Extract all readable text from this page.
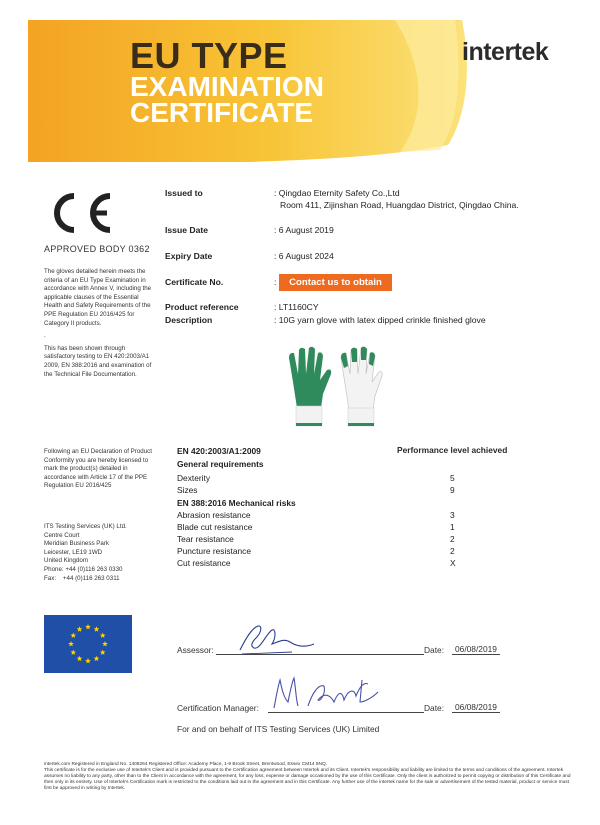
EU TYPE
EXAMINATION
CERTIFICATE
intertek
APPROVED BODY 0362

The gloves detailed herein meets the criteria of an EU Type Examination in accordance with Annex V, including the applicable clauses of the Essential Health and Safety Requirements of the PPE Regulation EU 2016/425 for Category II products.

.

This has been shown through satisfactory testing to EN 420:2003/A1 2009, EN 388:2016 and examination of the Technical File Documentation.

Following an EU Declaration of Product Conformity you are hereby licensed to mark the product(s) detailed in accordance with Article 17 of the PPE Regulation EU 2016/425
ITS Testing Services (UK) Ltd.
Centre Court
Meridian Business Park
Leicester, LE19 1WD
United Kingdom
Phone: +44 (0)116 263 0330
Fax:    +44 (0)116 263 0311
Issued to	: Qingdao Eternity Safety Co.,Ltd
Room 411, Zijinshan Road, Huangdao District, Qingdao China.
Issue Date	: 6 August 2019
Expiry Date	: 6 August 2024
Certificate No.	:	Contact us to obtain
Product reference	: LT1160CY
Description	: 10G yarn glove with latex dipped crinkle finished glove
EN 420:2003/A1:2009	Performance level achieved
General requirements
Dexterity	5
Sizes	9
EN 388:2016 Mechanical risks
Abrasion resistance	3
Blade cut resistance	1
Tear resistance	2
Puncture resistance	2
Cut resistance	X
Assessor:	Date:	06/08/2019
Certification Manager:	Date:	06/08/2019
For and on behalf of ITS Testing Services (UK) Limited
intertek.com Registered in England No. 1408264 Registered Office: Academy Place, 1-9 Brook Street, Brentwood, Essex CM14 5NQ.
This certificate is for the exclusive use of Intertek's Client and is provided pursuant to the Certification agreement between Intertek and its Client. Intertek's responsibility and liability are limited to the terms and conditions of the agreement. Intertek assumes no liability to any party, other than to the Client in accordance with the agreement, for any loss, expense or damage occasioned by the use of this Certificate. Only the client is authorized to permit copying or distribution of this Certificate and then only in its entirety. Use of Intertek's Certification mark is restricted to the conditions laid out in the agreement and in this Certificate. Any further use of the intertek name for the sale or advertisement of the tested material, product or service must first be approved in writing by Intertek.
